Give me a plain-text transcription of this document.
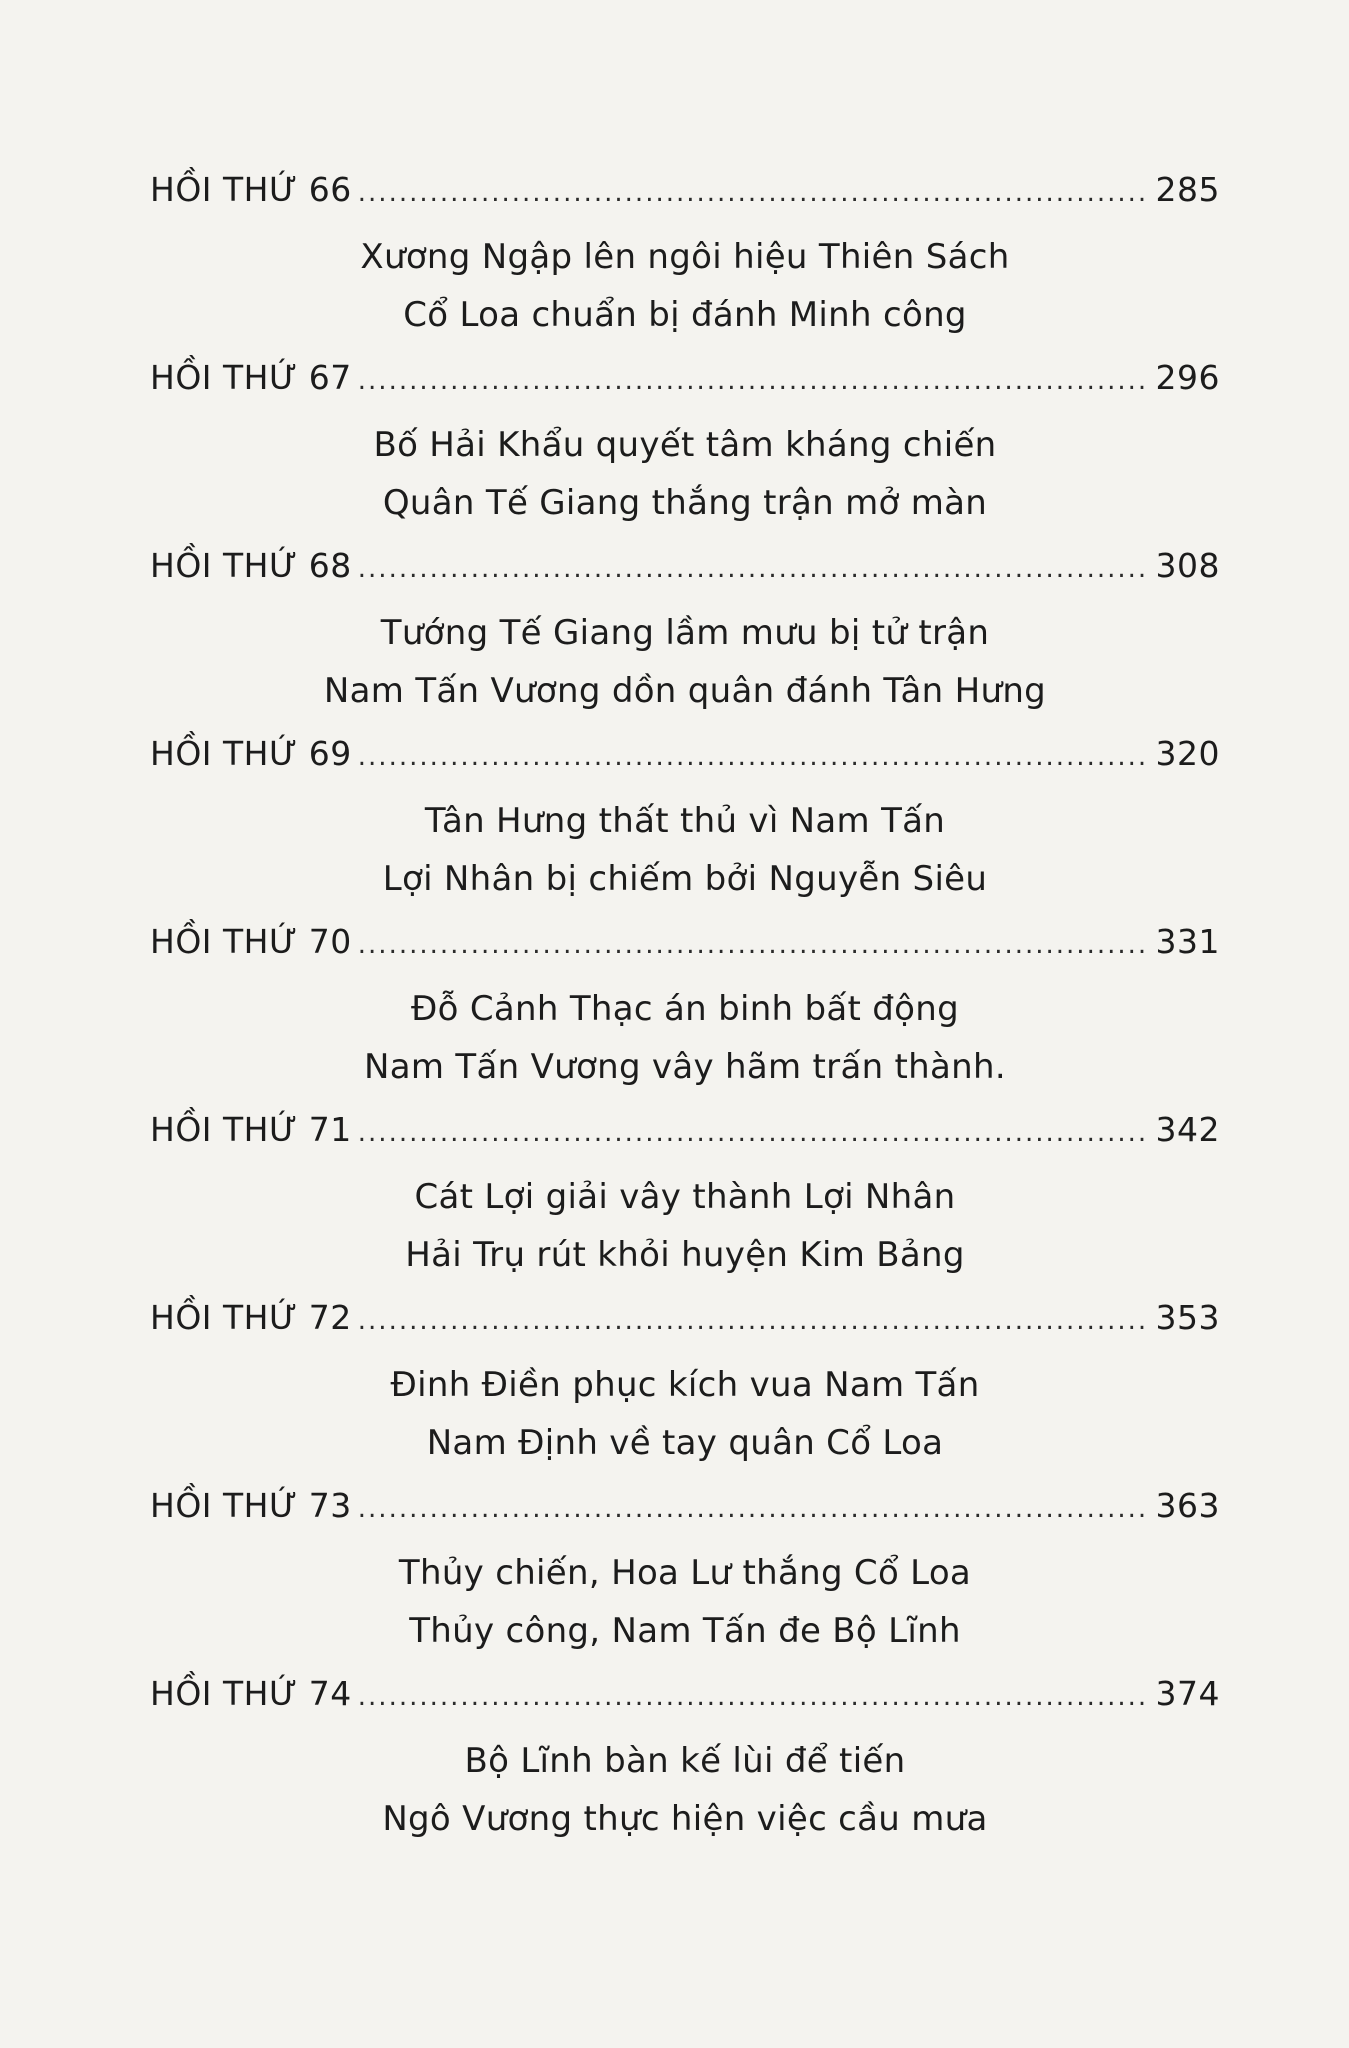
HỒI THỨ 66 .....	285
Xương Ngập lên ngôi hiệu Thiên Sách
Cổ Loa chuẩn bị đánh Minh công
HỒI THỨ 67 .....	296
Bố Hải Khẩu quyết tâm kháng chiến
Quân Tế Giang thắng trận mở màn
HỒI THỨ 68 .....	308
Tướng Tế Giang lầm mưu bị tử trận
Nam Tấn Vương dồn quân đánh Tân Hưng
HỒI THỨ 69 .....	320
Tân Hưng thất thủ vì Nam Tấn
Lợi Nhân bị chiếm bởi Nguyễn Siêu
HỒI THỨ 70 .....	331
Đỗ Cảnh Thạc án binh bất động
Nam Tấn Vương vây hãm trấn thành.
HỒI THỨ 71 .....	342
Cát Lợi giải vây thành Lợi Nhân
Hải Trụ rút khỏi huyện Kim Bảng
HỒI THỨ 72 .....	353
Đinh Điền phục kích vua Nam Tấn
Nam Định về tay quân Cổ Loa
HỒI THỨ 73 .....	363
Thủy chiến, Hoa Lư thắng Cổ Loa
Thủy công, Nam Tấn đe Bộ Lĩnh
HỒI THỨ 74 .....	374
Bộ Lĩnh bàn kế lùi để tiến
Ngô Vương thực hiện việc cầu mưa
